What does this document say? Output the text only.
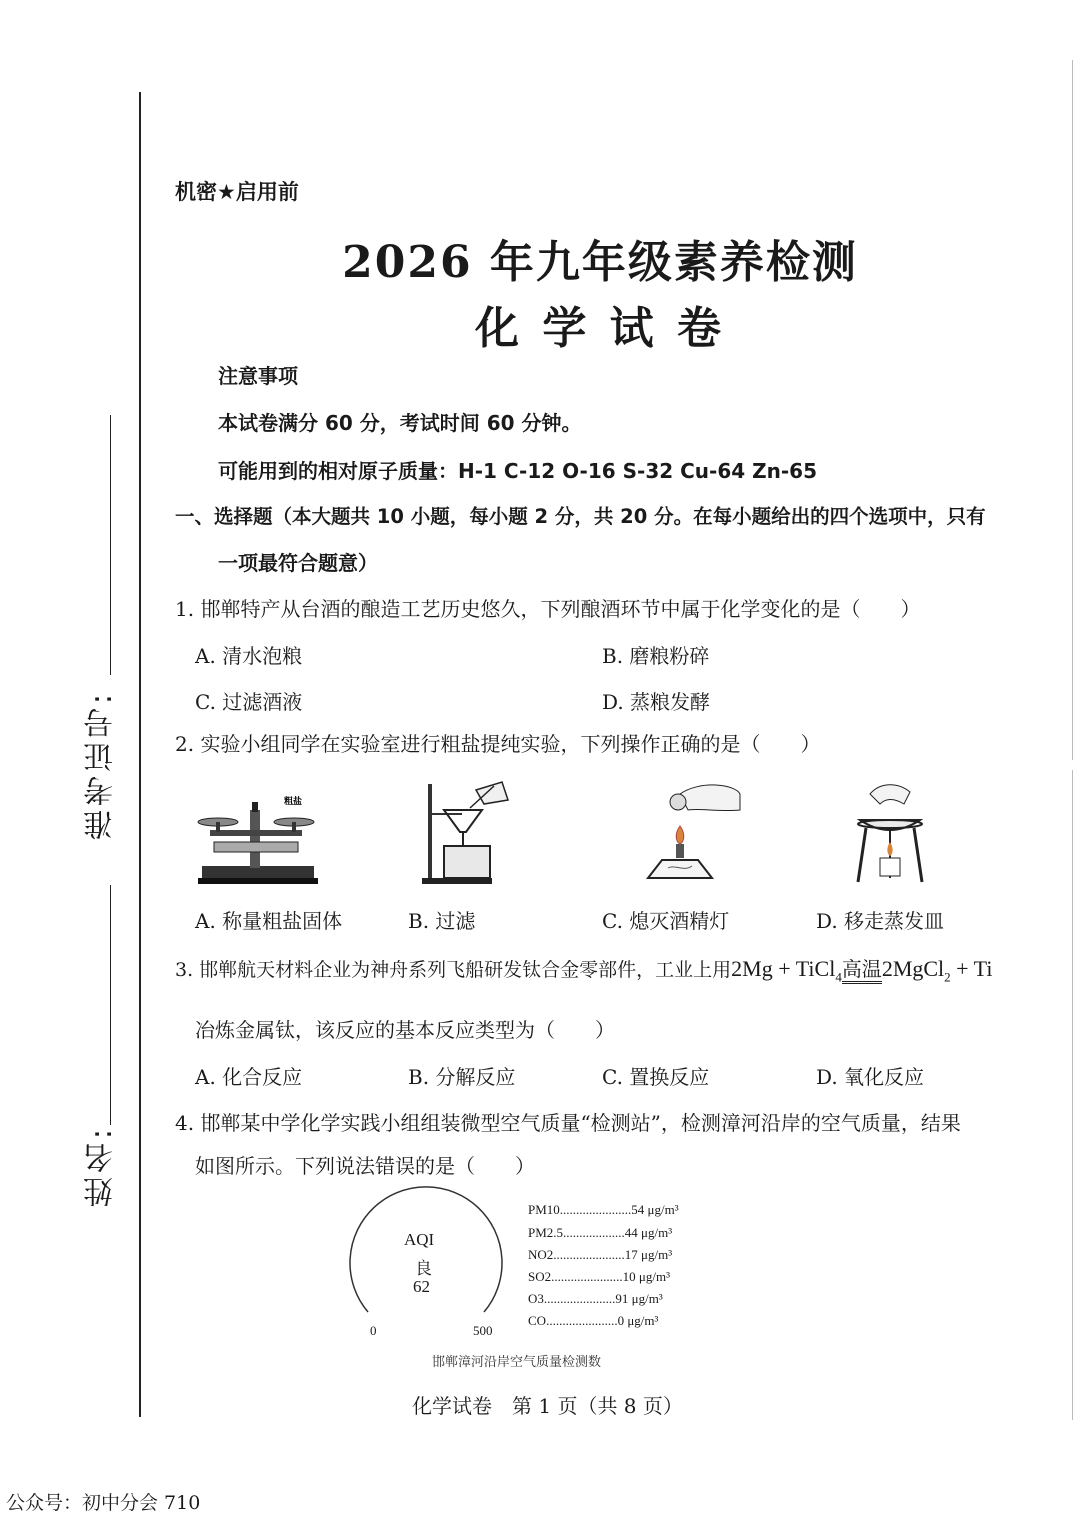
准考证号:
姓名:
机密★启用前
2026 年九年级素养检测
化 学 试 卷
注意事项
本试卷满分 60 分，考试时间 60 分钟。
可能用到的相对原子质量：H-1 C-12 O-16 S-32 Cu-64 Zn-65
一、选择题（本大题共 10 小题，每小题 2 分，共 20 分。在每小题给出的四个选项中，只有
一项最符合题意）
1. 邯郸特产从台酒的酿造工艺历史悠久，下列酿酒环节中属于化学变化的是（　　）
A. 清水泡粮	B. 磨粮粉碎
C. 过滤酒液	D. 蒸粮发酵
2. 实验小组同学在实验室进行粗盐提纯实验，下列操作正确的是（　　）
粗盐
A. 称量粗盐固体	B. 过滤	C. 熄灭酒精灯	D. 移走蒸发皿
3. 邯郸航天材料企业为神舟系列飞船研发钛合金零部件，工业上用2Mg + TiCl$_4$高温2MgCl$_2$ + Ti
冶炼金属钛，该反应的基本反应类型为（　　）
A. 化合反应	B. 分解反应	C. 置换反应	D. 氧化反应
4. 邯郸某中学化学实践小组组装微型空气质量“检测站”，检测漳河沿岸的空气质量，结果
如图所示。下列说法错误的是（　　）
AQI
良
62
0	500
PM10......................54 μg/m³
PM2.5...................44 μg/m³
NO2......................17 μg/m³
SO2......................10 μg/m³
O3......................91 μg/m³
CO......................0 μg/m³
邯郸漳河沿岸空气质量检测数
化学试卷　第 1 页（共 8 页）
公众号：初中分会 710
